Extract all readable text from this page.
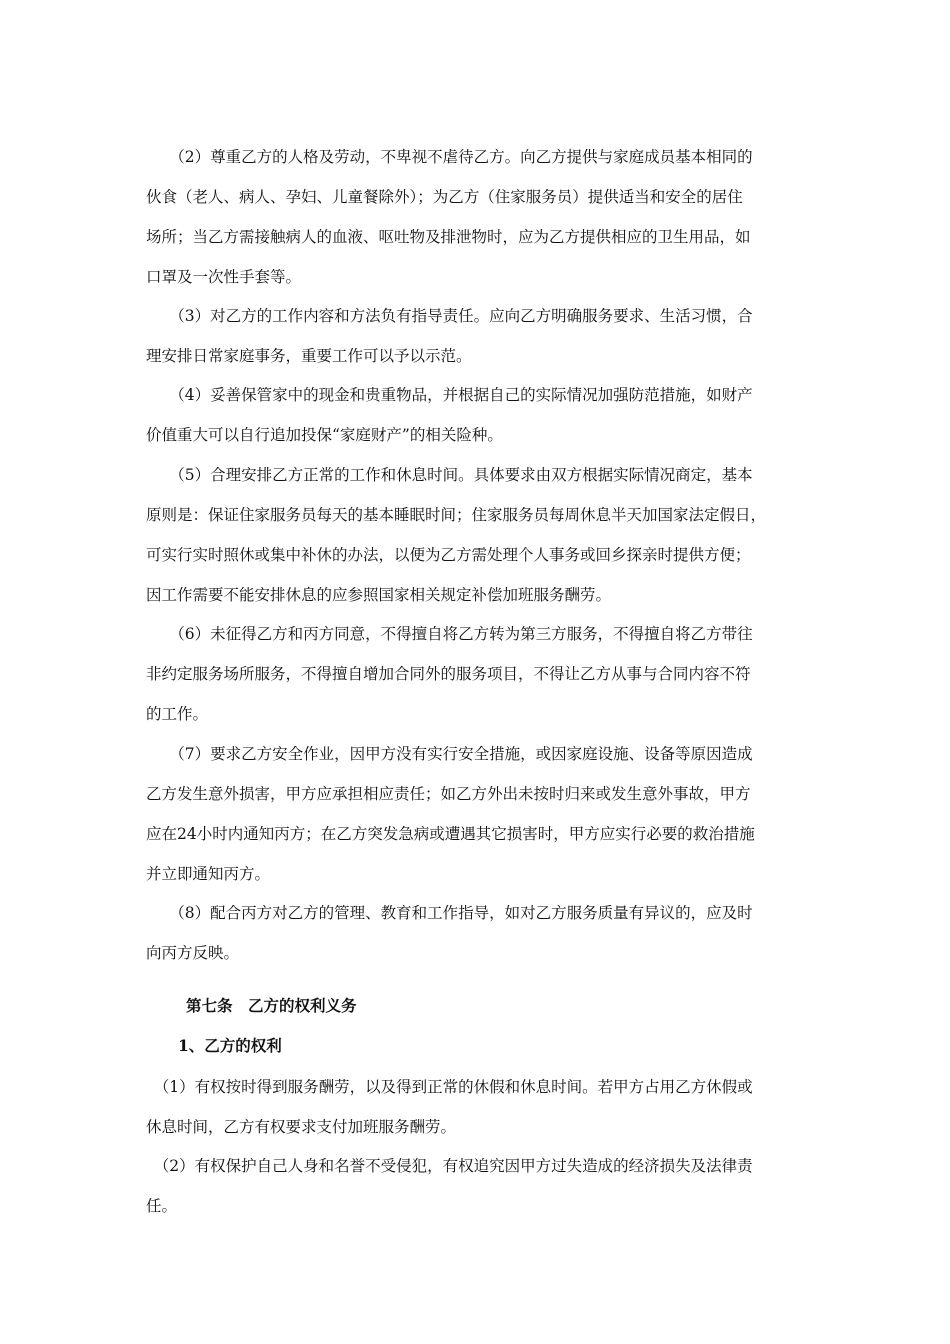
　　（2）尊重乙方的人格及劳动，不卑视不虐待乙方。向乙方提供与家庭成员基本相同的
伙食（老人、病人、孕妇、儿童餐除外）；为乙方（住家服务员）提供适当和安全的居住
场所；当乙方需接触病人的血液、呕吐物及排泄物时，应为乙方提供相应的卫生用品，如
口罩及一次性手套等。
　　（3）对乙方的工作内容和方法负有指导责任。应向乙方明确服务要求、生活习惯，合
理安排日常家庭事务，重要工作可以予以示范。
　　（4）妥善保管家中的现金和贵重物品，并根据自己的实际情况加强防范措施，如财产
价值重大可以自行追加投保“家庭财产”的相关险种。
　　（5）合理安排乙方正常的工作和休息时间。具体要求由双方根据实际情况商定，基本
原则是：保证住家服务员每天的基本睡眠时间；住家服务员每周休息半天加国家法定假日，
可实行实时照休或集中补休的办法，以便为乙方需处理个人事务或回乡探亲时提供方便；
因工作需要不能安排休息的应参照国家相关规定补偿加班服务酬劳。
　　（6）未征得乙方和丙方同意，不得擅自将乙方转为第三方服务，不得擅自将乙方带往
非约定服务场所服务，不得擅自增加合同外的服务项目，不得让乙方从事与合同内容不符
的工作。
　　（7）要求乙方安全作业，因甲方没有实行安全措施，或因家庭设施、设备等原因造成
乙方发生意外损害，甲方应承担相应责任；如乙方外出未按时归来或发生意外事故，甲方
应在24小时内通知丙方；在乙方突发急病或遭遇其它损害时，甲方应实行必要的救治措施
并立即通知丙方。
　　（8）配合丙方对乙方的管理、教育和工作指导，如对乙方服务质量有异议的，应及时
向丙方反映。
第七条　乙方的权利义务
1、乙方的权利
　（1）有权按时得到服务酬劳，以及得到正常的休假和休息时间。若甲方占用乙方休假或
休息时间，乙方有权要求支付加班服务酬劳。
　（2）有权保护自己人身和名誉不受侵犯，有权追究因甲方过失造成的经济损失及法律责
任。
